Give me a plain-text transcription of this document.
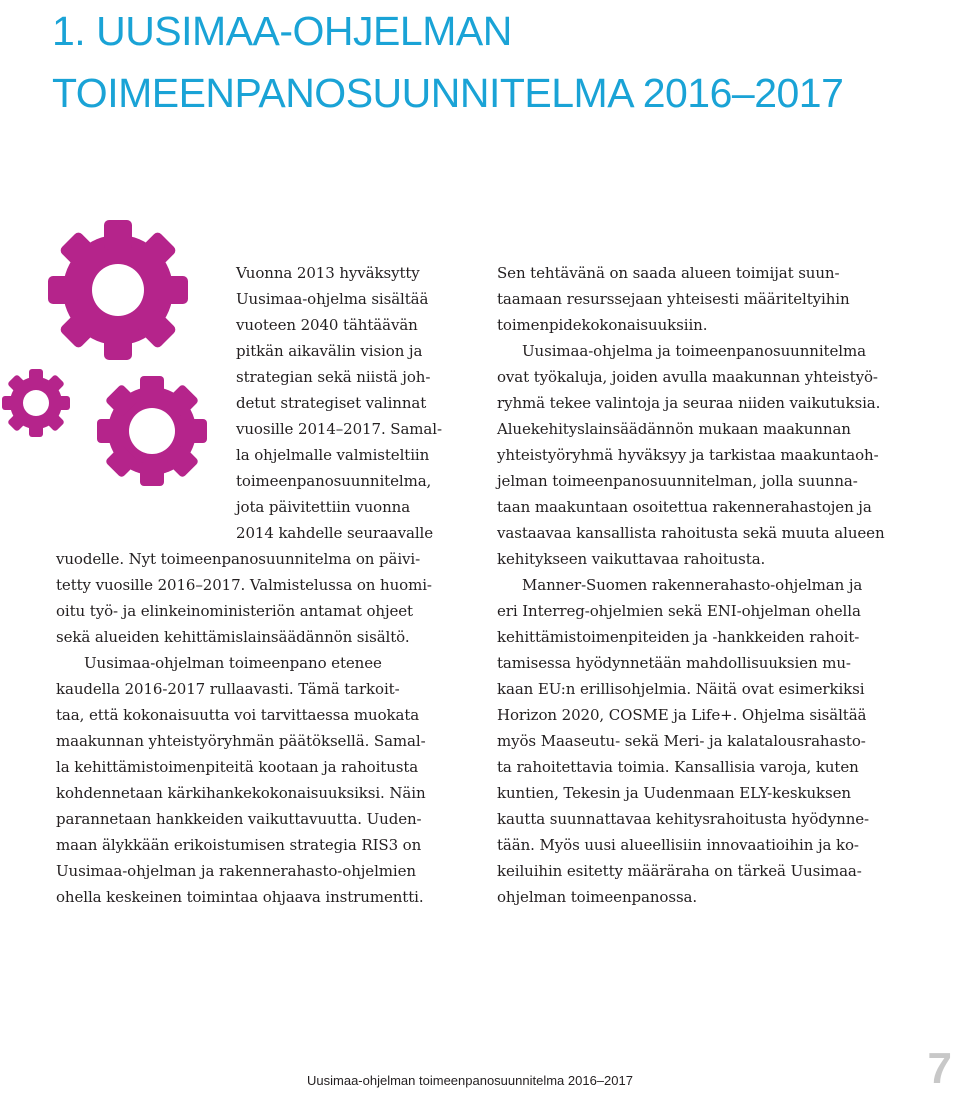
1. UUSIMAA-OHJELMAN
TOIMEENPANOSUUNNITELMA 2016–2017
Vuonna 2013 hyväksytty
Uusimaa-ohjelma sisältää
vuoteen 2040 tähtäävän
pitkän aikavälin vision ja
strategian sekä niistä joh-
detut strategiset valinnat
vuosille 2014–2017. Samal-
la ohjelmalle valmisteltiin
toimeenpanosuunnitelma,
jota päivitettiin vuonna
2014 kahdelle seuraavalle
vuodelle. Nyt toimeenpanosuunnitelma on päivi-
tetty vuosille 2016–2017. Valmistelussa on huomi-
oitu työ- ja elinkeinoministeriön antamat ohjeet
sekä alueiden kehittämislainsäädännön sisältö.
Uusimaa-ohjelman toimeenpano etenee
kaudella 2016-2017 rullaavasti. Tämä tarkoit-
taa, että kokonaisuutta voi tarvittaessa muokata
maakunnan yhteistyöryhmän päätöksellä. Samal-
la kehittämistoimenpiteitä kootaan ja rahoitusta
kohdennetaan kärkihankekokonaisuuksiksi. Näin
parannetaan hankkeiden vaikuttavuutta. Uuden-
maan älykkään erikoistumisen strategia RIS3 on
Uusimaa-ohjelman ja rakennerahasto-ohjelmien
ohella keskeinen toimintaa ohjaava instrumentti.
Sen tehtävänä on saada alueen toimijat suun-
taamaan resurssejaan yhteisesti määriteltyihin
toimenpidekokonaisuuksiin.
Uusimaa-ohjelma ja toimeenpanosuunnitelma
ovat työkaluja, joiden avulla maakunnan yhteistyö-
ryhmä tekee valintoja ja seuraa niiden vaikutuksia.
Aluekehityslainsäädännön mukaan maakunnan
yhteistyöryhmä hyväksyy ja tarkistaa maakuntaoh-
jelman toimeenpanosuunnitelman, jolla suunna-
taan maakuntaan osoitettua rakennerahastojen ja
vastaavaa kansallista rahoitusta sekä muuta alueen
kehitykseen vaikuttavaa rahoitusta.
Manner-Suomen rakennerahasto-ohjelman ja
eri Interreg-ohjelmien sekä ENI-ohjelman ohella
kehittämistoimenpiteiden ja -hankkeiden rahoit-
tamisessa hyödynnetään mahdollisuuksien mu-
kaan EU:n erillisohjelmia. Näitä ovat esimerkiksi
Horizon 2020, COSME ja Life+. Ohjelma sisältää
myös Maaseutu- sekä Meri- ja kalatalousrahasto-
ta rahoitettavia toimia. Kansallisia varoja, kuten
kuntien, Tekesin ja Uudenmaan ELY-keskuksen
kautta suunnattavaa kehitysrahoitusta hyödynne-
tään. Myös uusi alueellisiin innovaatioihin ja ko-
keiluihin esitetty määräraha on tärkeä Uusimaa-
ohjelman toimeenpanossa.
Uusimaa-ohjelman toimeenpanosuunnitelma 2016–2017	7
